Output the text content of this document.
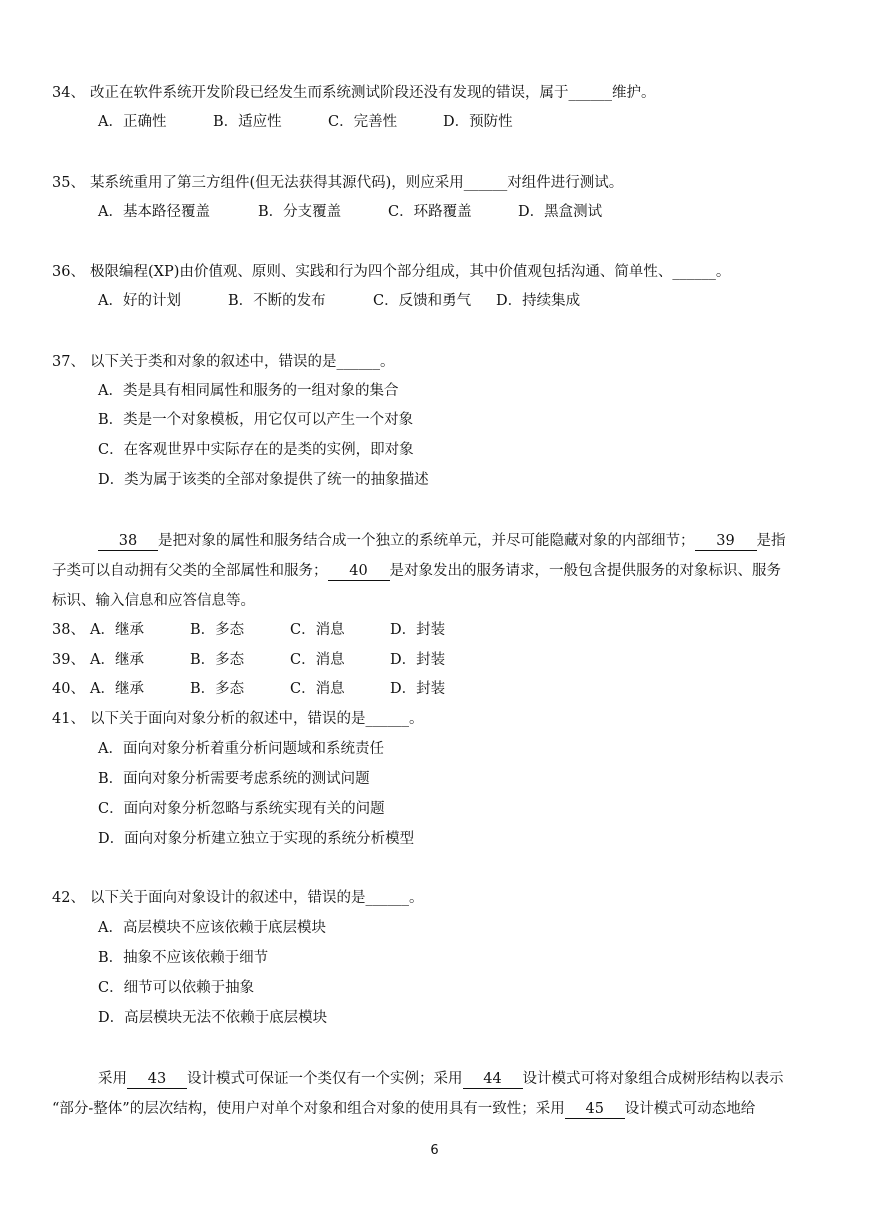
34、 改正在软件系统开发阶段已经发生而系统测试阶段还没有发现的错误，属于______维护。
A．正确性	B．适应性	C．完善性	D．预防性
35、 某系统重用了第三方组件(但无法获得其源代码)，则应采用______对组件进行测试。
A．基本路径覆盖	B．分支覆盖	C．环路覆盖	D．黑盒测试
36、 极限编程(XP)由价值观、原则、实践和行为四个部分组成，其中价值观包括沟通、简单性、______。
A．好的计划	B．不断的发布	C．反馈和勇气 D．持续集成
37、 以下关于类和对象的叙述中，错误的是______。
A．类是具有相同属性和服务的一组对象的集合
B．类是一个对象模板，用它仅可以产生一个对象
C．在客观世界中实际存在的是类的实例，即对象
D．类为属于该类的全部对象提供了统一的抽象描述
38 是把对象的属性和服务结合成一个独立的系统单元，并尽可能隐藏对象的内部细节； 39 是指
子类可以自动拥有父类的全部属性和服务； 40 是对象发出的服务请求，一般包含提供服务的对象标识、服务
标识、输入信息和应答信息等。
38、 A．继承	B．多态	C．消息	D．封装
39、 A．继承	B．多态	C．消息	D．封装
40、 A．继承	B．多态	C．消息	D．封装
41、 以下关于面向对象分析的叙述中，错误的是______。
A．面向对象分析着重分析问题域和系统责任
B．面向对象分析需要考虑系统的测试问题
C．面向对象分析忽略与系统实现有关的问题
D．面向对象分析建立独立于实现的系统分析模型
42、 以下关于面向对象设计的叙述中，错误的是______。
A．高层模块不应该依赖于底层模块
B．抽象不应该依赖于细节
C．细节可以依赖于抽象
D．高层模块无法不依赖于底层模块
采用 43 设计模式可保证一个类仅有一个实例；采用 44 设计模式可将对象组合成树形结构以表示
“部分-整体”的层次结构，使用户对单个对象和组合对象的使用具有一致性；采用 45 设计模式可动态地给
6
